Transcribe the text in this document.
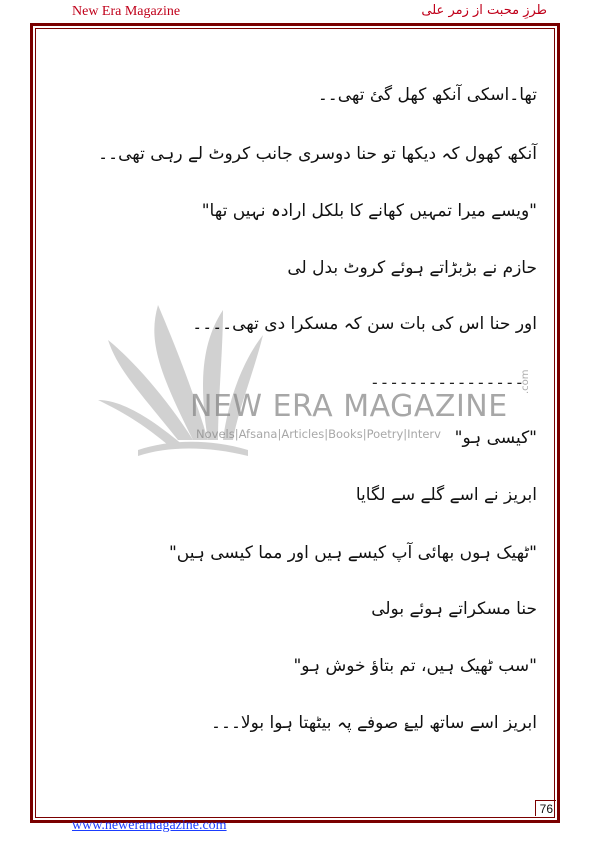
New Era Magazine	طرزِ محبت از زمر علی
NEW ERA MAGAZINE
Novels|Afsana|Articles|Books|Poetry|Interv
.com
تھا۔اسکی آنکھ کھل گئ تھی۔۔
آنکھ کھول کہ دیکھا تو حنا دوسری جانب کروٹ لے رہی تھی۔۔
"ویسے میرا تمہیں کھانے کا بلکل ارادہ نہیں تھا"
حازم نے بڑبڑاتے ہوئے کروٹ بدل لی
اور حنا اس کی بات سن کہ مسکرا دی تھی۔۔۔۔
----------------
"کیسی ہو"
ابریز نے اسے گلے سے لگایا
"ٹھیک ہوں بھائی آپ کیسے ہیں اور مما کیسی ہیں"
حنا مسکراتے ہوئے بولی
"سب ٹھیک ہیں، تم بتاؤ خوش ہو"
ابریز اسے ساتھ لیۓ صوفے پہ بیٹھتا ہوا بولا۔۔۔
76
www.neweramagazine.com
